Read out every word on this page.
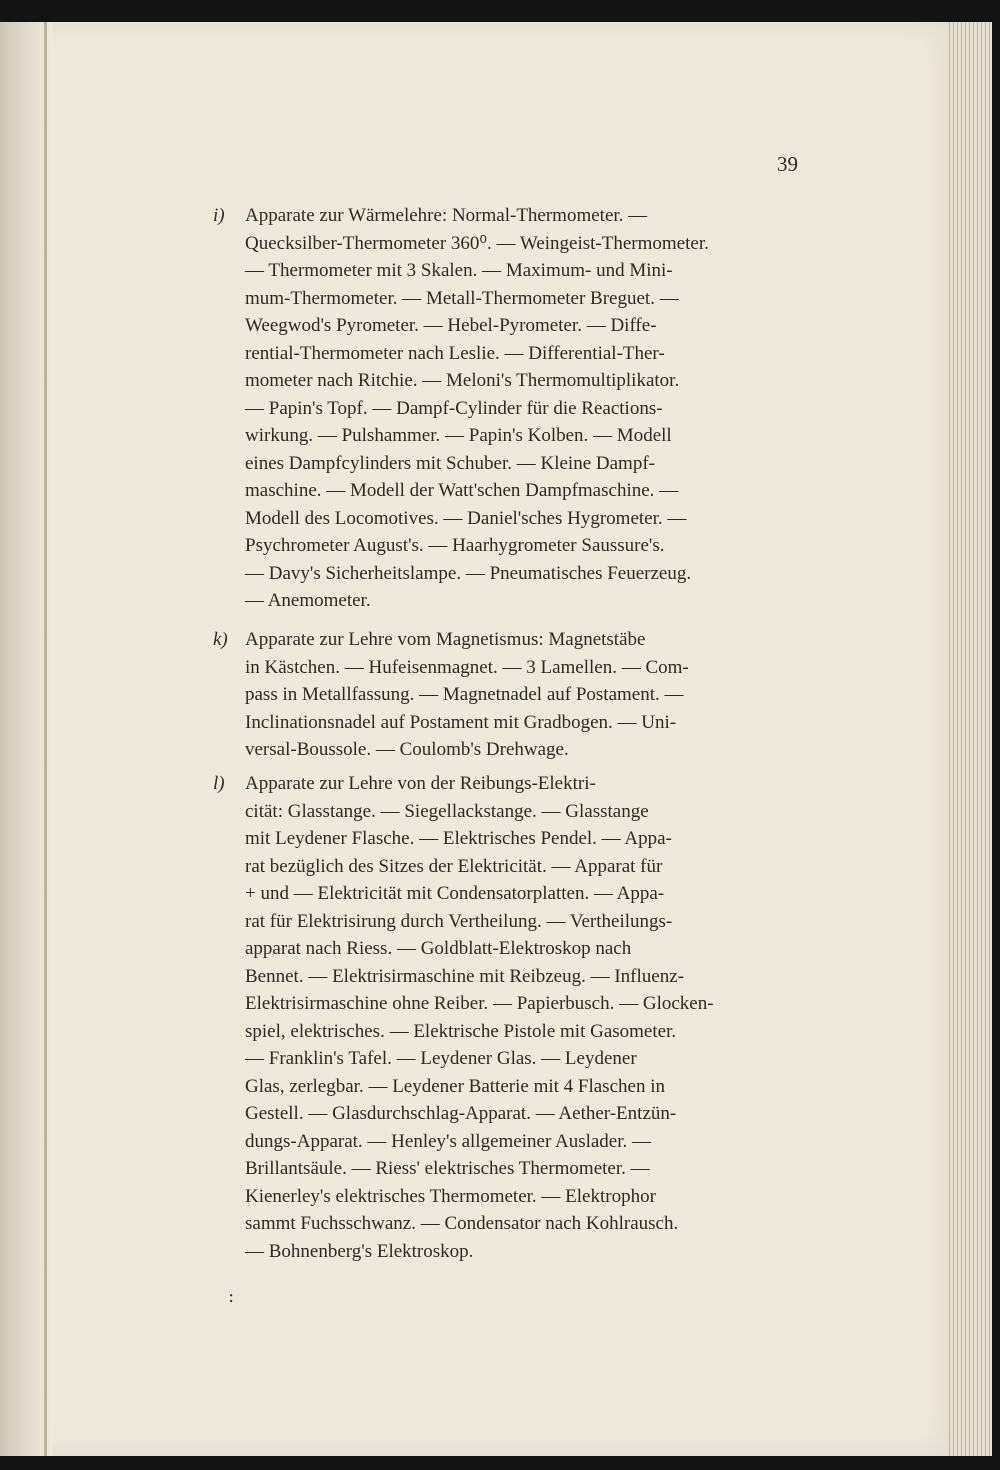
39
i) Apparate zur Wärmelehre: Normal-Thermometer. —
Quecksilber-Thermometer 360⁰. — Weingeist-Thermometer.
— Thermometer mit 3 Skalen. — Maximum- und Mini-
mum-Thermometer. — Metall-Thermometer Breguet. —
Weegwod's Pyrometer. — Hebel-Pyrometer. — Diffe-
rential-Thermometer nach Leslie. — Differential-Ther-
mometer nach Ritchie. — Meloni's Thermomultiplikator.
— Papin's Topf. — Dampf-Cylinder für die Reactions-
wirkung. — Pulshammer. — Papin's Kolben. — Modell
eines Dampfcylinders mit Schuber. — Kleine Dampf-
maschine. — Modell der Watt'schen Dampfmaschine. —
Modell des Locomotives. — Daniel'sches Hygrometer. —
Psychrometer August's. — Haarhygrometer Saussure's.
— Davy's Sicherheitslampe. — Pneumatisches Feuerzeug.
— Anemometer.
k) Apparate zur Lehre vom Magnetismus: Magnetstäbe
in Kästchen. — Hufeisenmagnet. — 3 Lamellen. — Com-
pass in Metallfassung. — Magnetnadel auf Postament. —
Inclinationsnadel auf Postament mit Gradbogen. — Uni-
versal-Boussole. — Coulomb's Drehwage.
l) Apparate zur Lehre von der Reibungs-Elektri-
cität: Glasstange. — Siegellackstange. — Glasstange
mit Leydener Flasche. — Elektrisches Pendel. — Appa-
rat bezüglich des Sitzes der Elektricität. — Apparat für
+ und — Elektricität mit Condensatorplatten. — Appa-
rat für Elektrisirung durch Vertheilung. — Vertheilungs-
apparat nach Riess. — Goldblatt-Elektroskop nach
Bennet. — Elektrisirmaschine mit Reibzeug. — Influenz-
Elektrisirmaschine ohne Reiber. — Papierbusch. — Glocken-
spiel, elektrisches. — Elektrische Pistole mit Gasometer.
— Franklin's Tafel. — Leydener Glas. — Leydener
Glas, zerlegbar. — Leydener Batterie mit 4 Flaschen in
Gestell. — Glasdurchschlag-Apparat. — Aether-Entzün-
dungs-Apparat. — Henley's allgemeiner Auslader. —
Brillantsäule. — Riess' elektrisches Thermometer. —
Kienerley's elektrisches Thermometer. — Elektrophor
sammt Fuchsschwanz. — Condensator nach Kohlrausch.
— Bohnenberg's Elektroskop.
:
